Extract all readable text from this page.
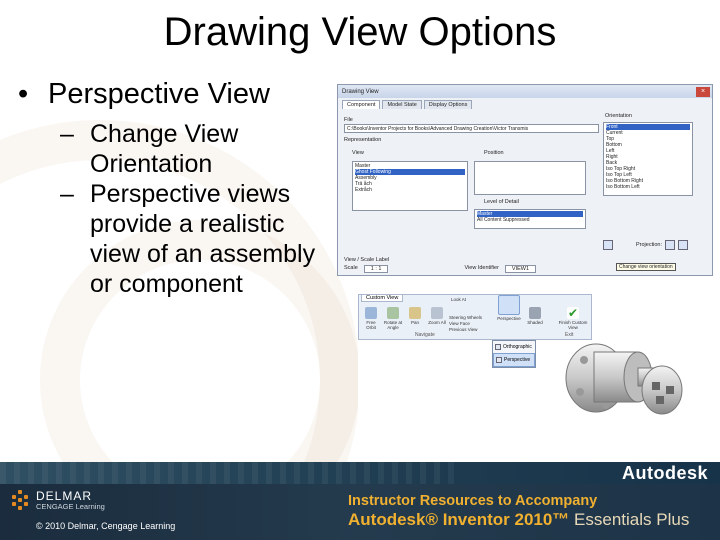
Drawing View Options
• Perspective View
– Change View Orientation
– Perspective views provide a realistic view of an assembly or component
Drawing View	×
Component	Model State	Display Options
File
C:\Books\Inventor Projects for Books\Advanced Drawing Creation\Victor Transmis
Representation
View	Position
Master
Ghost Following
Assembly
Trä åch
Extråch
Level of Detail
Master
All Content Suppressed
Orientation
Front
Current
Top
Bottom
Left
Right
Back
Iso Top Right
Iso Top Left
Iso Bottom Right
Iso Bottom Left
Projection:
Change view orientation
View / Scale Label
Scale	1 : 1	View Identifier	VIEW1
Custom View
Free Orbit
Rotate at Angle
Pan	Zoom All
Steering Wheels
View Face
Previous View
Look At
Perspective
Shaded
✔
Finish Custom View
Navigate	Exit
Orthographic
Perspective
Autodesk
DELMAR
CENGAGE Learning
© 2010 Delmar, Cengage Learning
Instructor Resources to Accompany
Autodesk® Inventor 2010™ Essentials Plus
